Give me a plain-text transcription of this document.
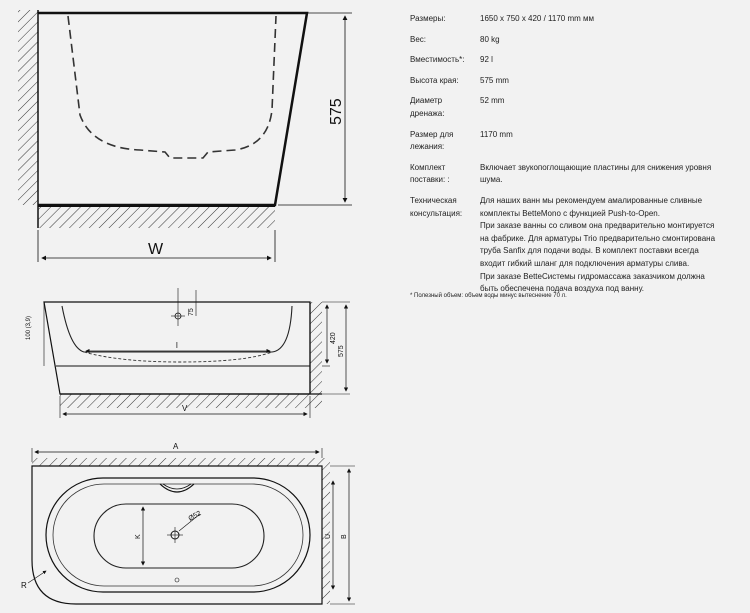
W
575
l
75
100 (3,9)
V
420
575
Ø52
K
A
U B
R
Размеры:	1650 x 750 x 420 / 1170 mm мм
Вес:	80 kg
Вместимость*:	92 l
Высота края:	575 mm
Диаметр
дренажа:
52 mm
Размер для
лежания:
1170 mm
Комплект
поставки: :
Включает звукопоглощающие пластины для снижения уровня
шума.
Техническая
консультация:
Для наших ванн мы рекомендуем амалированные сливные
комплекты BetteMono с функцией Push-to-Open.
При заказе ванны со сливом она предварительно монтируется
на фабрике. Для арматуры Trio предварительно смонтирована
труба Sanfix для подачи воды. В комплект поставки всегда
входит гибкий шланг для подключения арматуры слива.
При заказе BetteСистемы гидромассажа заказчиком должна
быть обеспечена подача воздуха под ванну.
* Полезный объем: объем воды минус вытеснение 70 л.
